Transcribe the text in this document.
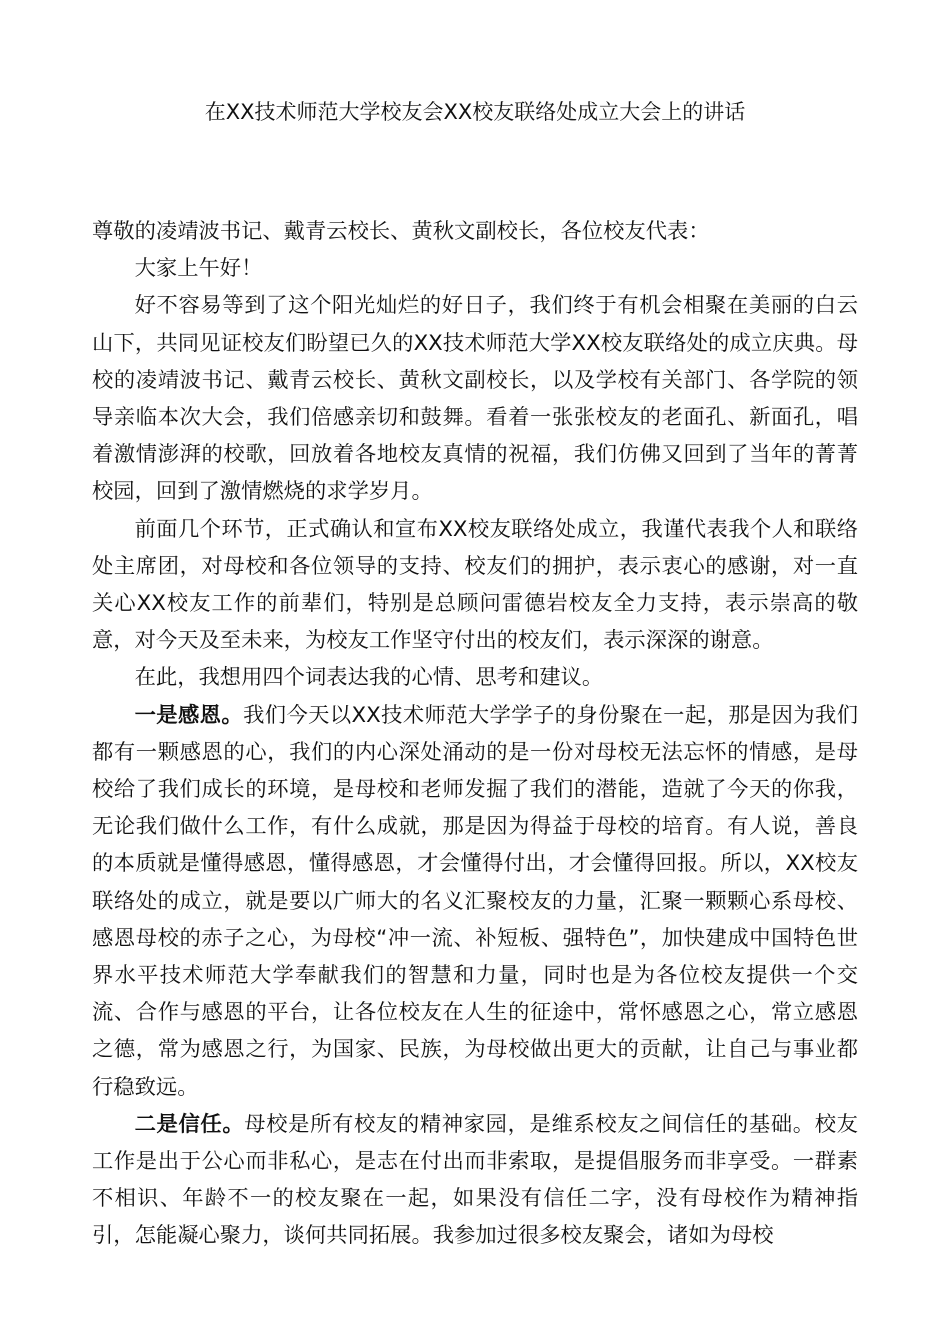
在XX技术师范大学校友会XX校友联络处成立大会上的讲话

尊敬的凌靖波书记、戴青云校长、黄秋文副校长，各位校友代表：

大家上午好！

好不容易等到了这个阳光灿烂的好日子，我们终于有机会相聚在美丽的白云山下，共同见证校友们盼望已久的XX技术师范大学XX校友联络处的成立庆典。母校的凌靖波书记、戴青云校长、黄秋文副校长，以及学校有关部门、各学院的领导亲临本次大会，我们倍感亲切和鼓舞。看着一张张校友的老面孔、新面孔，唱着激情澎湃的校歌，回放着各地校友真情的祝福，我们仿佛又回到了当年的菁菁校园，回到了激情燃烧的求学岁月。

前面几个环节，正式确认和宣布XX校友联络处成立，我谨代表我个人和联络处主席团，对母校和各位领导的支持、校友们的拥护，表示衷心的感谢，对一直关心XX校友工作的前辈们，特别是总顾问雷德岩校友全力支持，表示崇高的敬意，对今天及至未来，为校友工作坚守付出的校友们，表示深深的谢意。

在此，我想用四个词表达我的心情、思考和建议。

一是感恩。我们今天以XX技术师范大学学子的身份聚在一起，那是因为我们都有一颗感恩的心，我们的内心深处涌动的是一份对母校无法忘怀的情感，是母校给了我们成长的环境，是母校和老师发掘了我们的潜能，造就了今天的你我，无论我们做什么工作，有什么成就，那是因为得益于母校的培育。有人说，善良的本质就是懂得感恩，懂得感恩，才会懂得付出，才会懂得回报。所以，XX校友联络处的成立，就是要以广师大的名义汇聚校友的力量，汇聚一颗颗心系母校、感恩母校的赤子之心，为母校“冲一流、补短板、强特色”，加快建成中国特色世界水平技术师范大学奉献我们的智慧和力量，同时也是为各位校友提供一个交流、合作与感恩的平台，让各位校友在人生的征途中，常怀感恩之心，常立感恩之德，常为感恩之行，为国家、民族，为母校做出更大的贡献，让自己与事业都行稳致远。

二是信任。母校是所有校友的精神家园，是维系校友之间信任的基础。校友工作是出于公心而非私心，是志在付出而非索取，是提倡服务而非享受。一群素不相识、年龄不一的校友聚在一起，如果没有信任二字，没有母校作为精神指引，怎能凝心聚力，谈何共同拓展。我参加过很多校友聚会，诸如为母校
